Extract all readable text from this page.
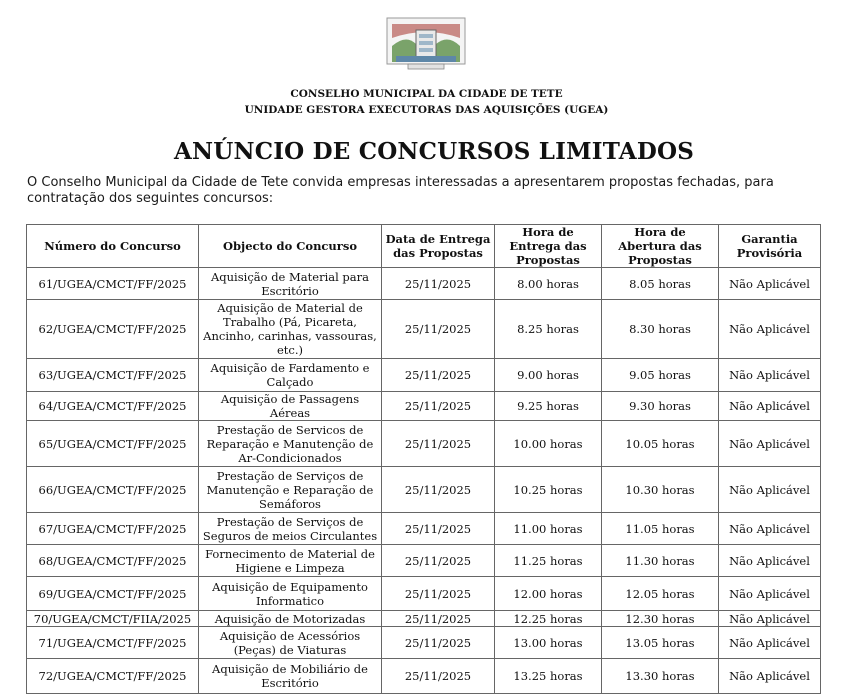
CONSELHO MUNICIPAL DA CIDADE DE TETE
UNIDADE GESTORA EXECUTORAS DAS AQUISIÇÕES (UGEA)
ANÚNCIO DE CONCURSOS LIMITADOS
O Conselho Municipal da Cidade de Tete convida empresas interessadas a apresentarem propostas fechadas, para contratação dos seguintes concursos:
Número do Concurso	Objecto do Concurso	Data de Entrega das Propostas	Hora de Entrega das Propostas	Hora de Abertura das Propostas	Garantia Provisória
61/UGEA/CMCT/FF/2025	Aquisição de Material para Escritório	25/11/2025	8.00 horas	8.05 horas	Não Aplicável
62/UGEA/CMCT/FF/2025	Aquisição de Material de Trabalho (Pá, Picareta, Ancinho, carinhas, vassouras, etc.)	25/11/2025	8.25 horas	8.30 horas	Não Aplicável
63/UGEA/CMCT/FF/2025	Aquisição de Fardamento e Calçado	25/11/2025	9.00 horas	9.05 horas	Não Aplicável
64/UGEA/CMCT/FF/2025	Aquisição de Passagens Aéreas	25/11/2025	9.25 horas	9.30 horas	Não Aplicável
65/UGEA/CMCT/FF/2025	Prestação de Servicos de Reparação e Manutenção de Ar-Condicionados	25/11/2025	10.00 horas	10.05 horas	Não Aplicável
66/UGEA/CMCT/FF/2025	Prestação de Serviços de Manutenção e Reparação de Semáforos	25/11/2025	10.25 horas	10.30 horas	Não Aplicável
67/UGEA/CMCT/FF/2025	Prestação de Serviços de Seguros de meios Circulantes	25/11/2025	11.00 horas	11.05 horas	Não Aplicável
68/UGEA/CMCT/FF/2025	Fornecimento de Material de Higiene e Limpeza	25/11/2025	11.25 horas	11.30 horas	Não Aplicável
69/UGEA/CMCT/FF/2025	Aquisição de Equipamento Informatico	25/11/2025	12.00 horas	12.05 horas	Não Aplicável
70/UGEA/CMCT/FIIA/2025	Aquisição de Motorizadas	25/11/2025	12.25 horas	12.30 horas	Não Aplicável
71/UGEA/CMCT/FF/2025	Aquisição de Acessórios (Peças) de Viaturas	25/11/2025	13.00 horas	13.05 horas	Não Aplicável
72/UGEA/CMCT/FF/2025	Aquisição de Mobiliário de Escritório	25/11/2025	13.25 horas	13.30 horas	Não Aplicável
